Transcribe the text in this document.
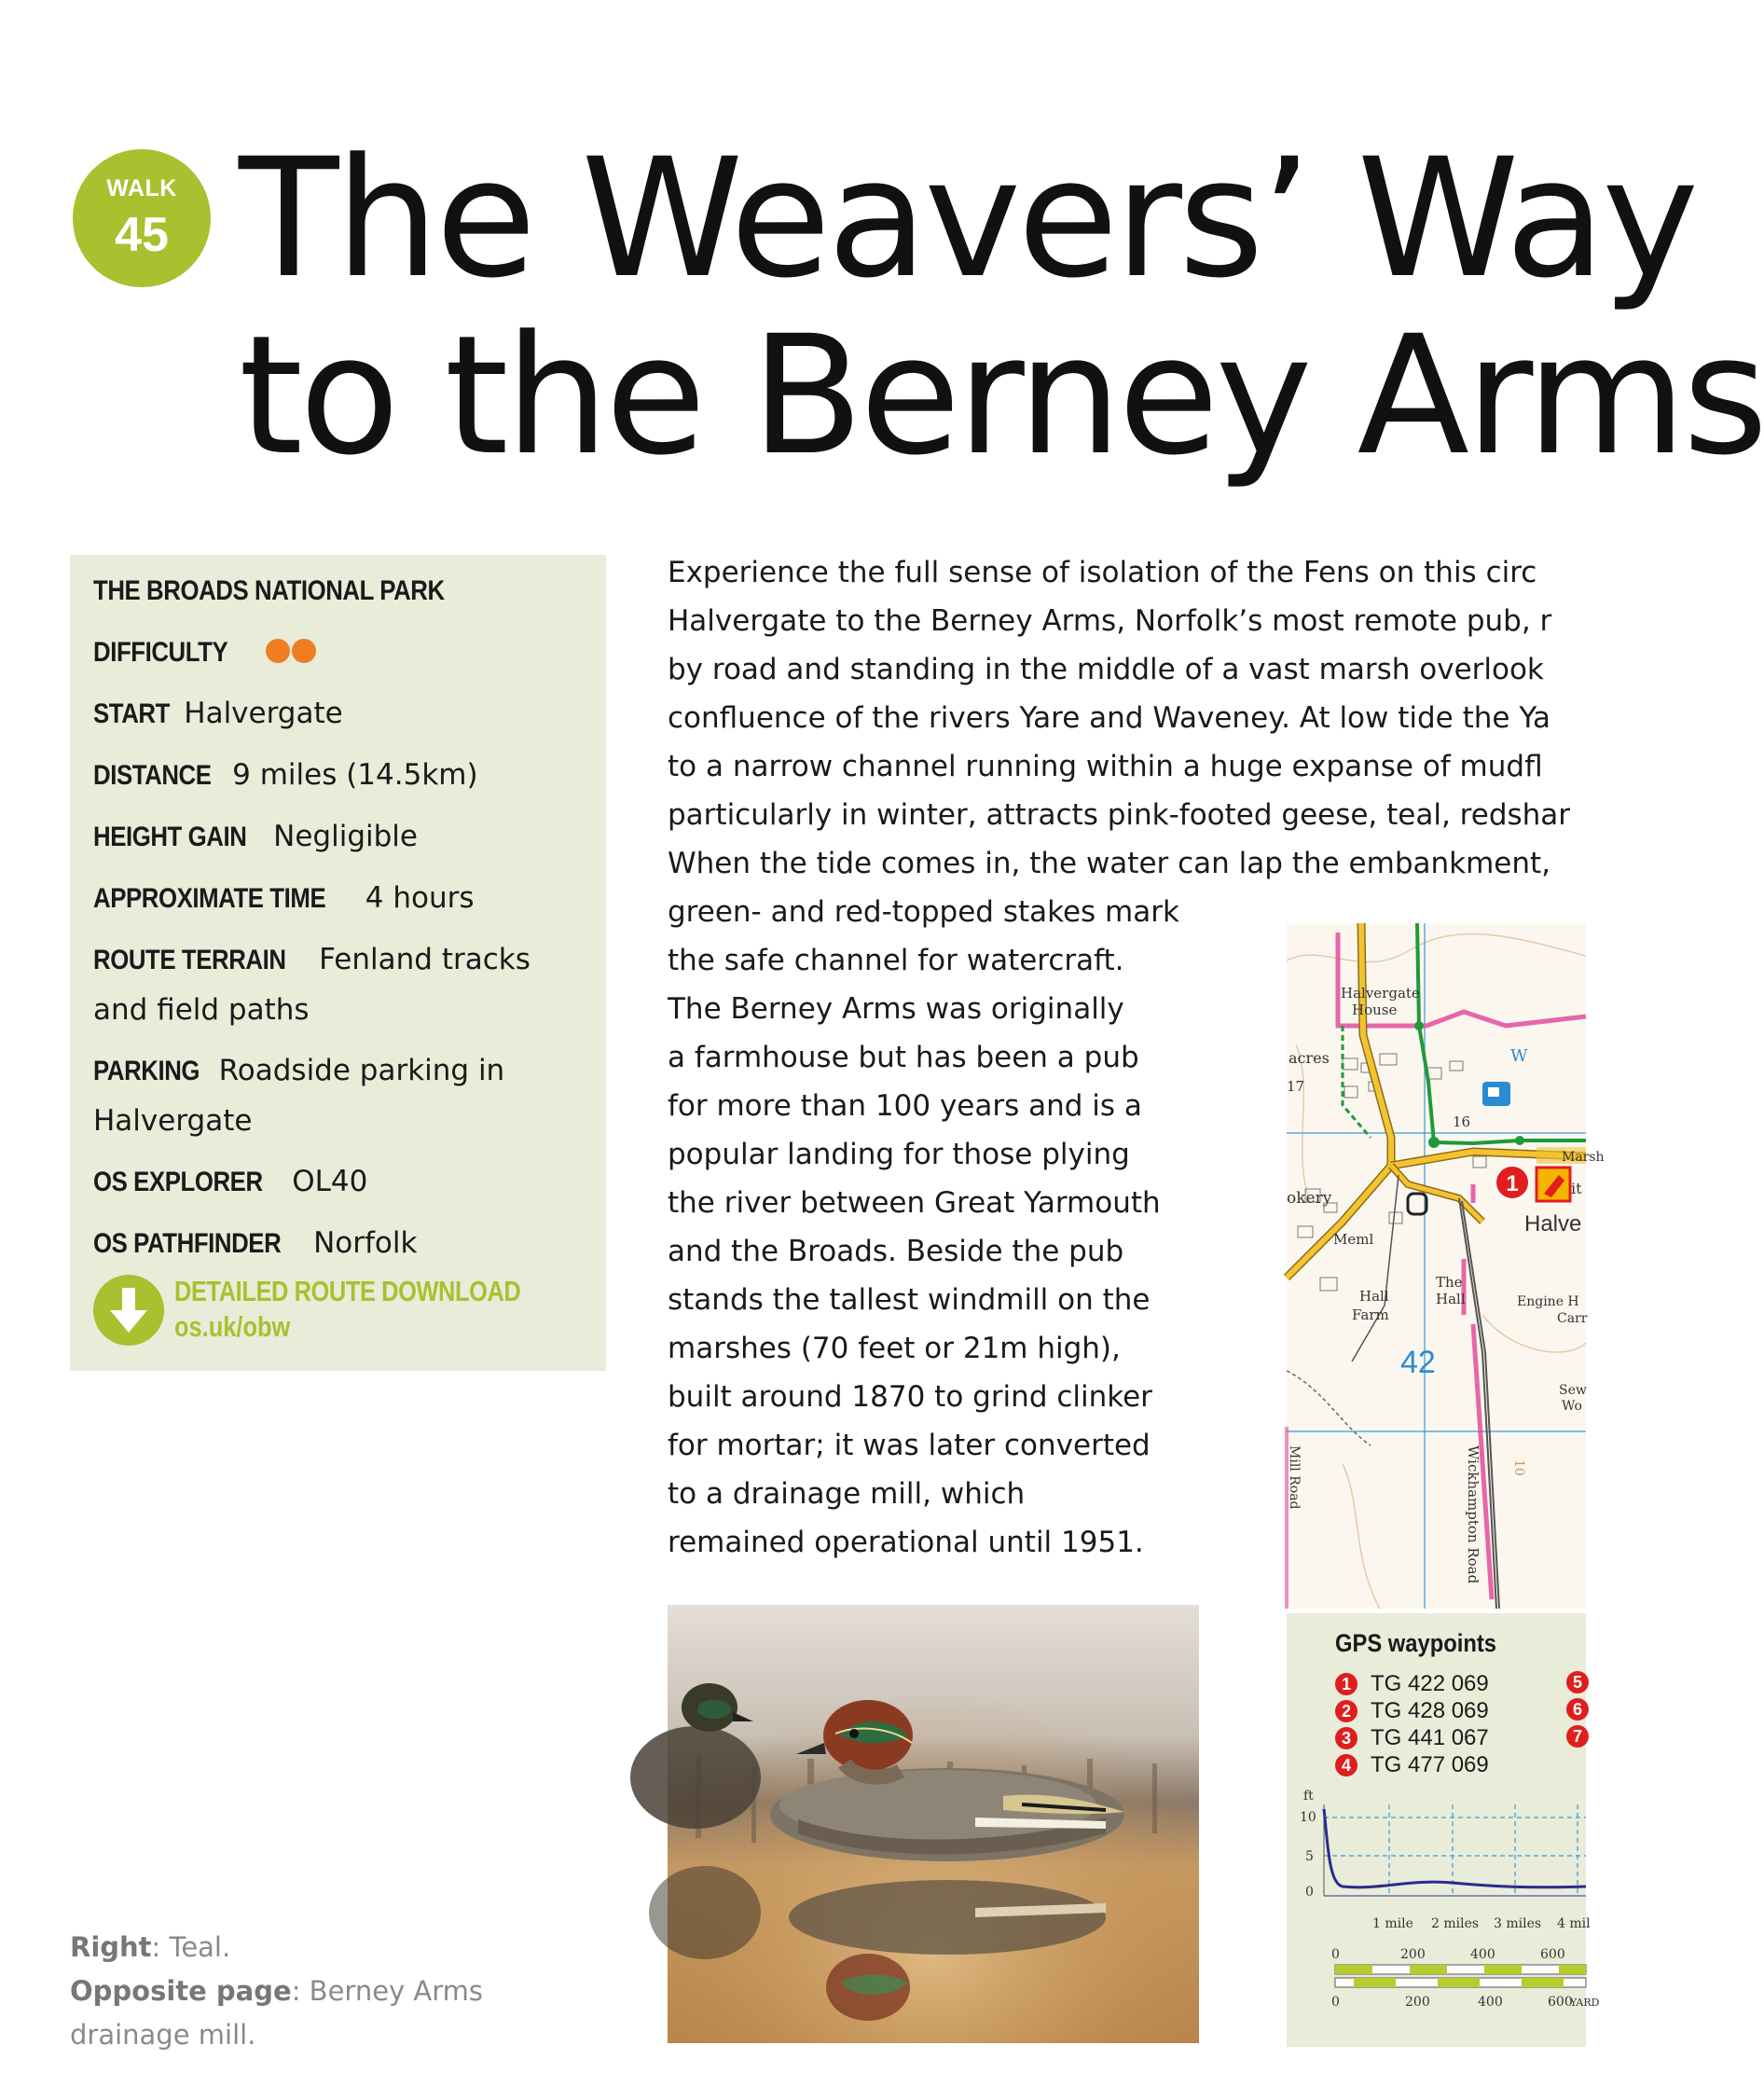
WALK
45 The Weavers’ Way
to the Berney Arms
THE BROADS NATIONAL PARK
DIFFICULTY
START Halvergate
DISTANCE 9 miles (14.5km)
HEIGHT GAIN Negligible
APPROXIMATE TIME 4 hours
ROUTE TERRAIN Fenland tracks
and field paths
PARKING Roadside parking in
Halvergate
OS EXPLORER OL40
OS PATHFINDER Norfolk
DETAILED ROUTE DOWNLOAD
os.uk/obw
Experience the full sense of isolation of the Fens on this circ
Halvergate to the Berney Arms, Norfolk’s most remote pub, r
by road and standing in the middle of a vast marsh overlook
confluence of the rivers Yare and Waveney. At low tide the Ya
to a narrow channel running within a huge expanse of mudfl
particularly in winter, attracts pink-footed geese, teal, redshar
When the tide comes in, the water can lap the embankment,
green- and red-topped stakes mark
the safe channel for watercraft.
The Berney Arms was originally
a farmhouse but has been a pub
for more than 100 years and is a
popular landing for those plying
the river between Great Yarmouth
and the Broads. Beside the pub
stands the tallest windmill on the
marshes (70 feet or 21m high),
built around 1870 to grind clinker
for mortar; it was later converted
to a drainage mill, which
remained operational until 1951.
1
Halvergate
House
acres
17
16
okery
Meml
Hall
Farm
The
Hall
Halve
Engine H
Carr
Sew
Wo
Marsh
it
Wickhampton Road
Mill Road	10
W
42
GPS waypoints
1 TG 422 069
2 TG 428 069
3 TG 441 067
4 TG 477 069
5
6
7
ft
10
5
0
1 mile 2 miles 3 miles 4 mil
0	200	400	600
0	200	400	600
YARD
Right: Teal.
Opposite page: Berney Arms
drainage mill.
